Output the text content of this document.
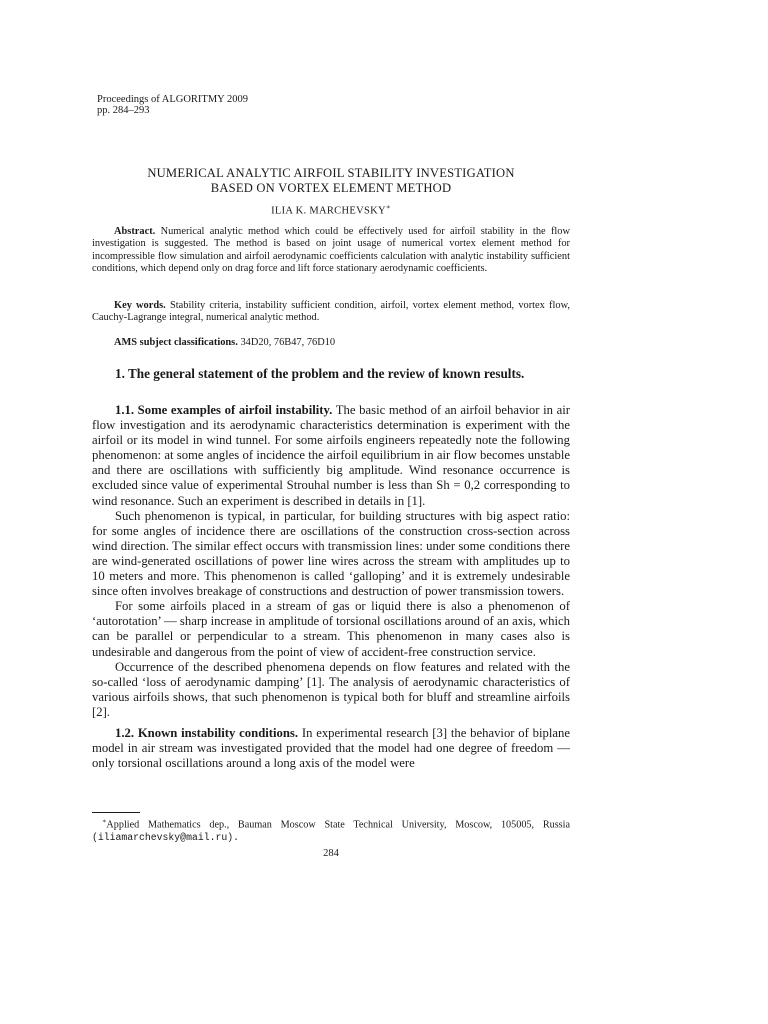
Proceedings of ALGORITMY 2009
pp. 284–293
NUMERICAL ANALYTIC AIRFOIL STABILITY INVESTIGATION
BASED ON VORTEX ELEMENT METHOD
ILIA K. MARCHEVSKY∗
Abstract. Numerical analytic method which could be effectively used for airfoil stability in the flow investigation is suggested. The method is based on joint usage of numerical vortex element method for incompressible flow simulation and airfoil aerodynamic coefficients calculation with analytic instability sufficient conditions, which depend only on drag force and lift force stationary aerodynamic coefficients.
Key words. Stability criteria, instability sufficient condition, airfoil, vortex element method, vortex flow, Cauchy-Lagrange integral, numerical analytic method.
AMS subject classifications. 34D20, 76B47, 76D10
1. The general statement of the problem and the review of known results.

1.1. Some examples of airfoil instability. The basic method of an airfoil behavior in air flow investigation and its aerodynamic characteristics determination is experiment with the airfoil or its model in wind tunnel. For some airfoils engineers repeatedly note the following phenomenon: at some angles of incidence the airfoil equilibrium in air flow becomes unstable and there are oscillations with sufficiently big amplitude. Wind resonance occurrence is excluded since value of experimental Strouhal number is less than Sh = 0,2 corresponding to wind resonance. Such an experiment is described in details in [1].

Such phenomenon is typical, in particular, for building structures with big aspect ratio: for some angles of incidence there are oscillations of the construction cross-section across wind direction. The similar effect occurs with transmission lines: under some conditions there are wind-generated oscillations of power line wires across the stream with amplitudes up to 10 meters and more. This phenomenon is called ‘galloping’ and it is extremely undesirable since often involves breakage of constructions and destruction of power transmission towers.

For some airfoils placed in a stream of gas or liquid there is also a phenomenon of ‘autorotation’ — sharp increase in amplitude of torsional oscillations around of an axis, which can be parallel or perpendicular to a stream. This phenomenon in many cases also is undesirable and dangerous from the point of view of accident-free construction service.

Occurrence of the described phenomena depends on flow features and related with the so-called ‘loss of aerodynamic damping’ [1]. The analysis of aerodynamic characteristics of various airfoils shows, that such phenomenon is typical both for bluff and streamline airfoils [2].

1.2. Known instability conditions. In experimental research [3] the behavior of biplane model in air stream was investigated provided that the model had one degree of freedom — only torsional oscillations around a long axis of the model were

∗Applied Mathematics dep., Bauman Moscow State Technical University, Moscow, 105005, Russia (iliamarchevsky@mail.ru).
284
